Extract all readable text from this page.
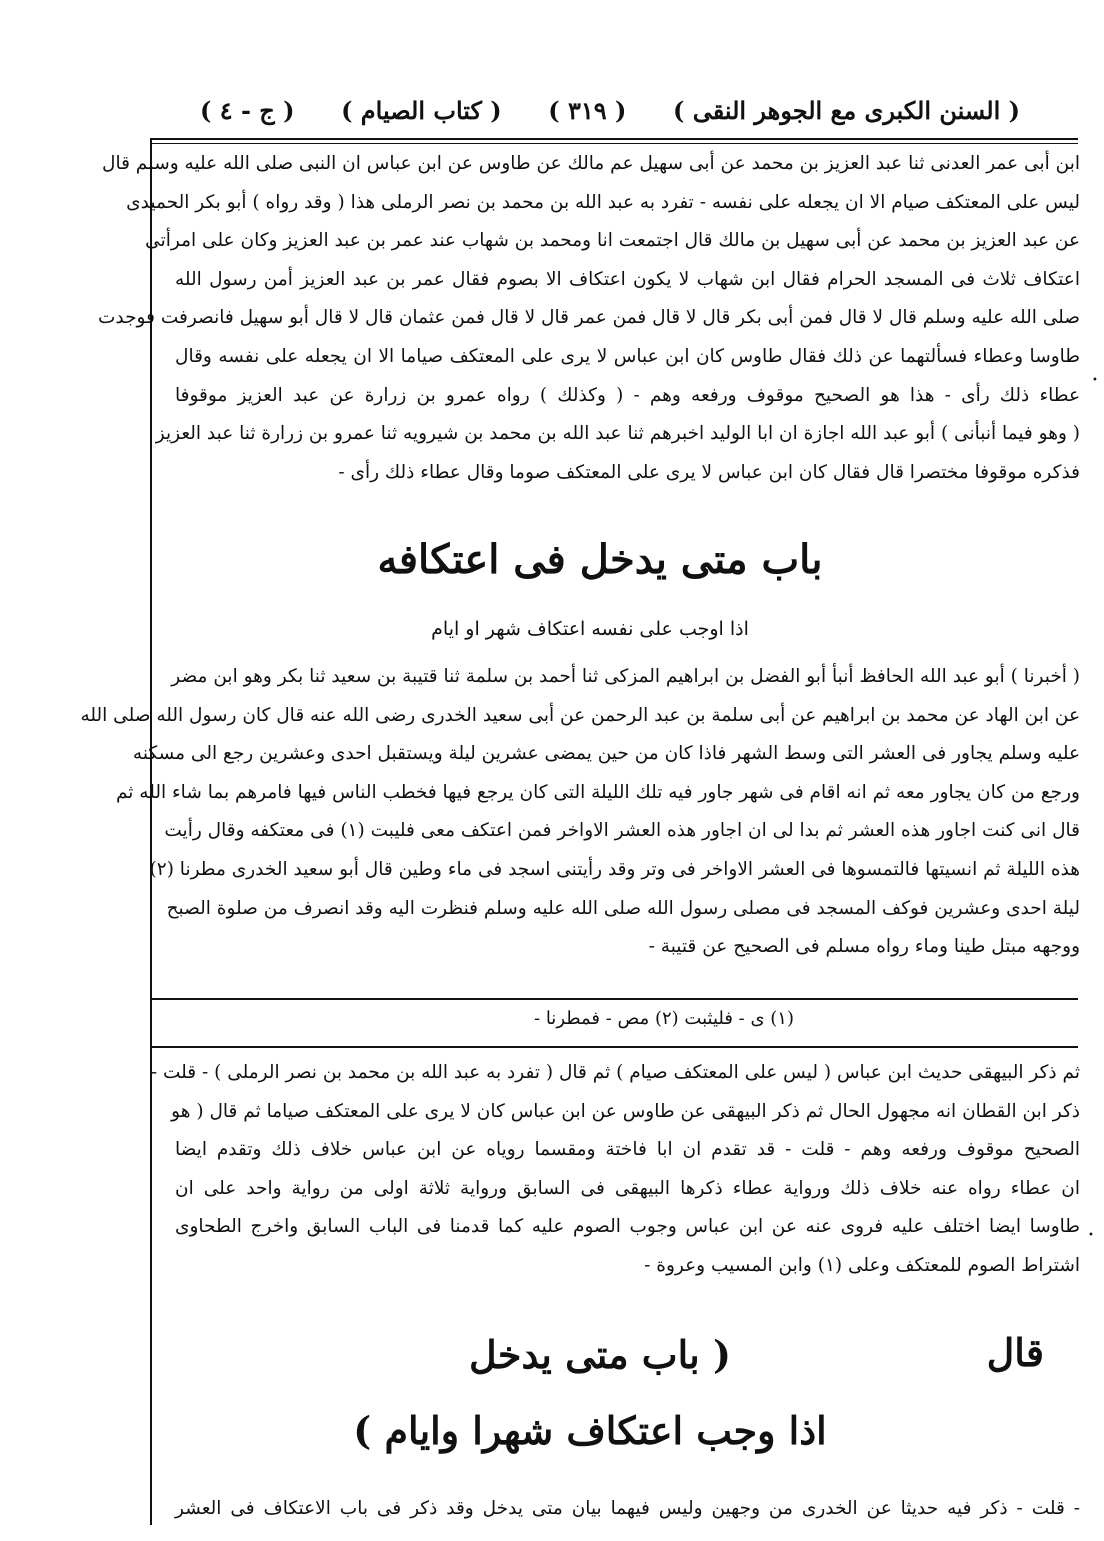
( السنن الكبرى مع الجوهر النقى )
( ٣١٩ )
( كتاب الصيام )
( ج - ٤ )
ابن أبى عمر العدنى ثنا عبد العزيز بن محمد عن أبى سهيل عم مالك عن طاوس عن ابن عباس ان النبى صلى الله عليه وسلم قال
ليس على المعتكف صيام الا ان يجعله على نفسه - تفرد به عبد الله بن محمد بن نصر الرملى هذا ( وقد رواه ) أبو بكر الحميدى
عن عبد العزيز بن محمد عن أبى سهيل بن مالك قال اجتمعت انا ومحمد بن شهاب عند عمر بن عبد العزيز وكان على امرأتى
اعتكاف ثلاث فى المسجد الحرام فقال ابن شهاب لا يكون اعتكاف الا بصوم فقال عمر بن عبد العزيز أمن رسول الله
صلى الله عليه وسلم قال لا قال فمن أبى بكر قال لا قال فمن عمر قال لا قال فمن عثمان قال لا قال أبو سهيل فانصرفت فوجدت
طاوسا وعطاء فسألتهما عن ذلك فقال طاوس كان ابن عباس لا يرى على المعتكف صياما الا ان يجعله على نفسه وقال
عطاء ذلك رأى - هذا هو الصحيح موقوف ورفعه وهم - ( وكذلك ) رواه عمرو بن زرارة عن عبد العزيز موقوفا
( وهو فيما أنبأنى ) أبو عبد الله اجازة ان ابا الوليد اخبرهم ثنا عبد الله بن محمد بن شيرويه ثنا عمرو بن زرارة ثنا عبد العزيز
فذكره موقوفا مختصرا قال فقال كان ابن عباس لا يرى على المعتكف صوما وقال عطاء ذلك رأى -
باب متى يدخل فى اعتكافه
اذا اوجب على نفسه اعتكاف شهر او ايام
( أخبرنا ) أبو عبد الله الحافظ أنبأ أبو الفضل بن ابراهيم المزكى ثنا أحمد بن سلمة ثنا قتيبة بن سعيد ثنا بكر وهو ابن مضر
عن ابن الهاد عن محمد بن ابراهيم عن أبى سلمة بن عبد الرحمن عن أبى سعيد الخدرى رضى الله عنه قال كان رسول الله صلى الله
عليه وسلم يجاور فى العشر التى وسط الشهر فاذا كان من حين يمضى عشرين ليلة ويستقبل احدى وعشرين رجع الى مسكنه
ورجع من كان يجاور معه ثم انه اقام فى شهر جاور فيه تلك الليلة التى كان يرجع فيها فخطب الناس فيها فامرهم بما شاء الله ثم
قال انى كنت اجاور هذه العشر ثم بدا لى ان اجاور هذه العشر الاواخر فمن اعتكف معى فليبت (١) فى معتكفه وقال رأيت
هذه الليلة ثم انسيتها فالتمسوها فى العشر الاواخر فى وتر وقد رأيتنى اسجد فى ماء وطين قال أبو سعيد الخدرى مطرنا (٢)
ليلة احدى وعشرين فوكف المسجد فى مصلى رسول الله صلى الله عليه وسلم فنظرت اليه وقد انصرف من صلوة الصبح
ووجهه مبتل طينا وماء رواه مسلم فى الصحيح عن قتيبة -
(١) ى - فليثبت (٢) مص - فمطرنا -
ثم ذكر البيهقى حديث ابن عباس ( ليس على المعتكف صيام ) ثم قال ( تفرد به عبد الله بن محمد بن نصر الرملى ) - قلت -
ذكر ابن القطان انه مجهول الحال ثم ذكر البيهقى عن طاوس عن ابن عباس كان لا يرى على المعتكف صياما ثم قال ( هو
الصحيح موقوف ورفعه وهم - قلت - قد تقدم ان ابا فاختة ومقسما روياه عن ابن عباس خلاف ذلك وتقدم ايضا
ان عطاء رواه عنه خلاف ذلك ورواية عطاء ذكرها البيهقى فى السابق ورواية ثلاثة اولى من رواية واحد على ان
طاوسا ايضا اختلف عليه فروى عنه عن ابن عباس وجوب الصوم عليه كما قدمنا فى الباب السابق واخرج الطحاوى
اشتراط الصوم للمعتكف وعلى (١) وابن المسيب وعروة -
قال
( باب متى يدخل
اذا وجب اعتكاف شهرا وايام )
- قلت - ذكر فيه حديثا عن الخدرى من وجهين وليس فيهما بيان متى يدخل وقد ذكر فى باب الاعتكاف فى العشر
•
•
